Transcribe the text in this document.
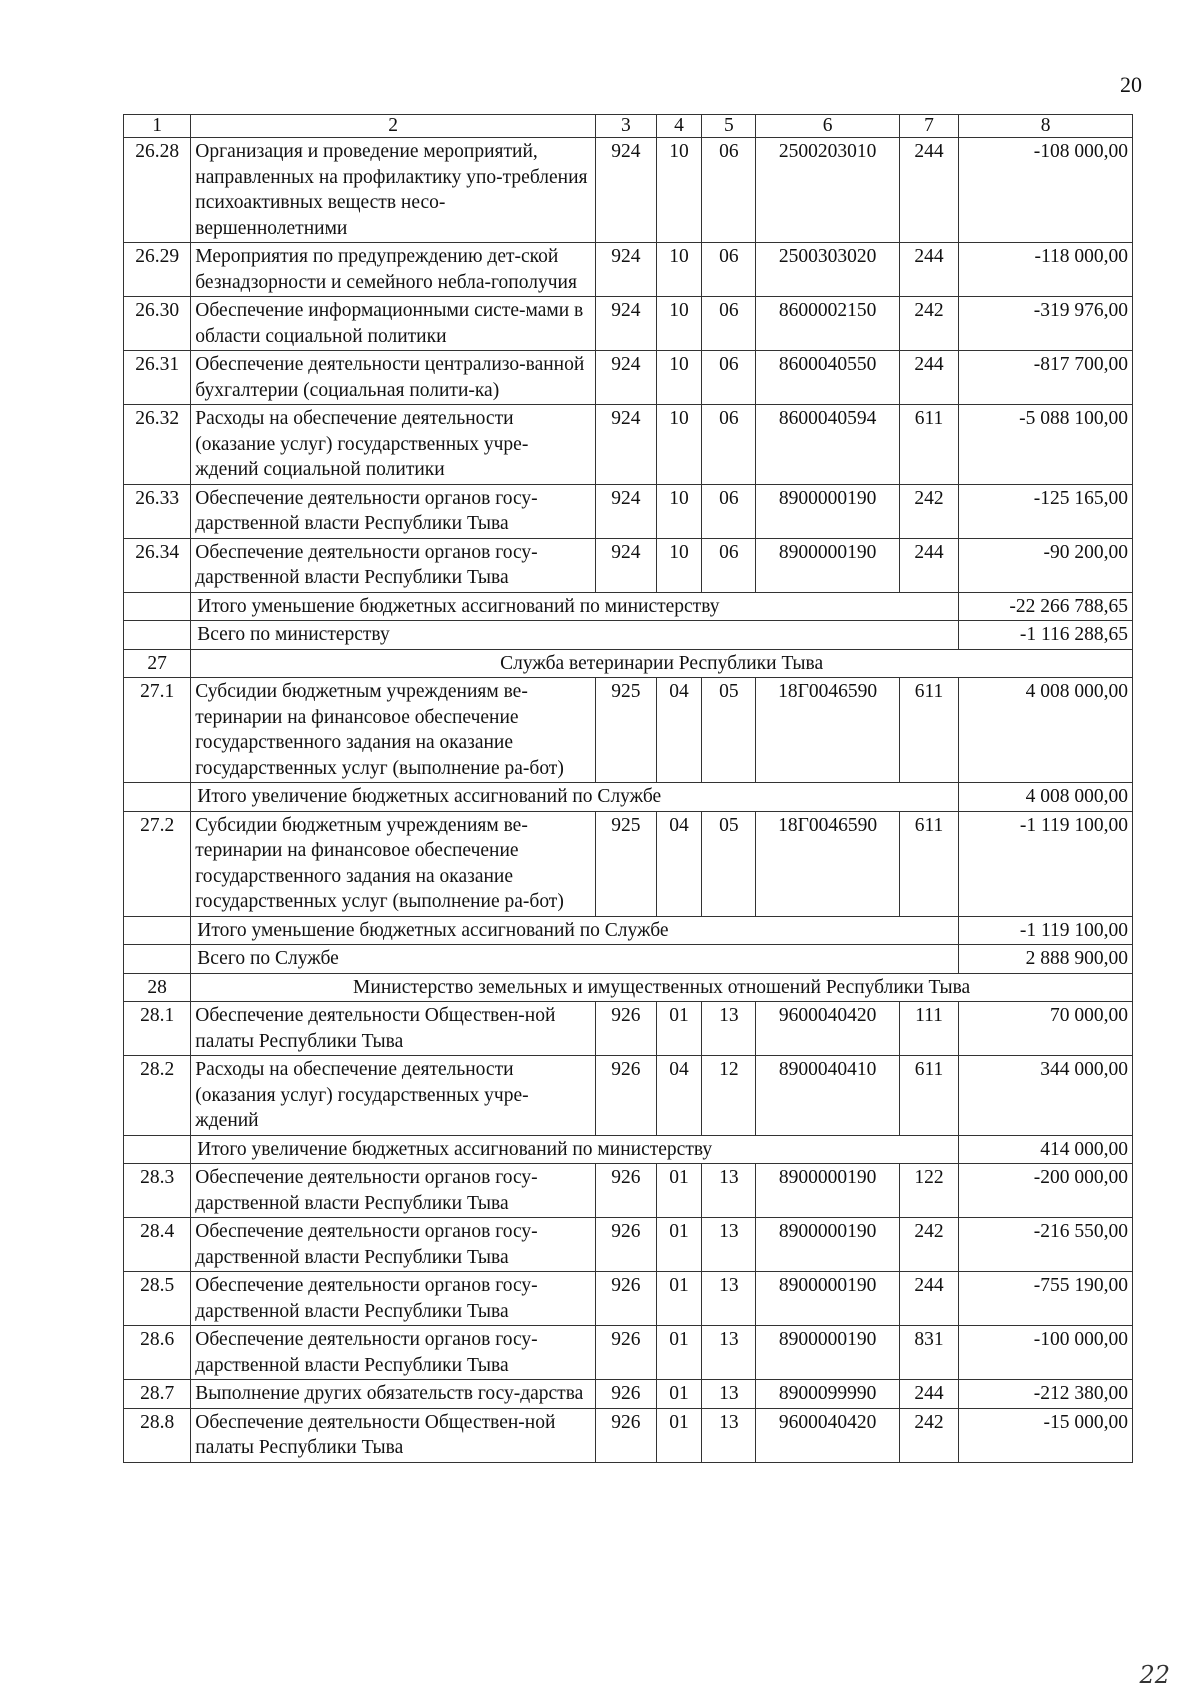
20
1	2	3	4	5	6	7	8
26.28	Организация и проведение мероприятий, направленных на профилактику упо-требления психоактивных веществ несо-вершеннолетними	924	10	06	2500203010	244	-108 000,00
26.29	Мероприятия по предупреждению дет-ской безнадзорности и семейного небла-гополучия	924	10	06	2500303020	244	-118 000,00
26.30	Обеспечение информационными систе-мами в области социальной политики	924	10	06	8600002150	242	-319 976,00
26.31	Обеспечение деятельности централизо-ванной бухгалтерии (социальная полити-ка)	924	10	06	8600040550	244	-817 700,00
26.32	Расходы на обеспечение деятельности (оказание услуг) государственных учре-ждений социальной политики	924	10	06	8600040594	611	-5 088 100,00
26.33	Обеспечение деятельности органов госу-дарственной власти Республики Тыва	924	10	06	8900000190	242	-125 165,00
26.34	Обеспечение деятельности органов госу-дарственной власти Республики Тыва	924	10	06	8900000190	244	-90 200,00
	Итого уменьшение бюджетных ассигнований по министерству						-22 266 788,65
	Всего по министерству						-1 116 288,65
27	Служба ветеринарии Республики Тыва						
27.1	Субсидии бюджетным учреждениям ве-теринарии на финансовое обеспечение государственного задания на оказание государственных услуг (выполнение ра-бот)	925	04	05	18Г0046590	611	4 008 000,00
	Итого увеличение бюджетных ассигнований по Службе						4 008 000,00
27.2	Субсидии бюджетным учреждениям ве-теринарии на финансовое обеспечение государственного задания на оказание государственных услуг (выполнение ра-бот)	925	04	05	18Г0046590	611	-1 119 100,00
	Итого уменьшение бюджетных ассигнований по Службе						-1 119 100,00
	Всего по Службе						2 888 900,00
28	Министерство земельных и имущественных отношений Республики Тыва						
28.1	Обеспечение деятельности Обществен-ной палаты Республики Тыва	926	01	13	9600040420	111	70 000,00
28.2	Расходы на обеспечение деятельности (оказания услуг) государственных учре-ждений	926	04	12	8900040410	611	344 000,00
	Итого увеличение бюджетных ассигнований по министерству						414 000,00
28.3	Обеспечение деятельности органов госу-дарственной власти Республики Тыва	926	01	13	8900000190	122	-200 000,00
28.4	Обеспечение деятельности органов госу-дарственной власти Республики Тыва	926	01	13	8900000190	242	-216 550,00
28.5	Обеспечение деятельности органов госу-дарственной власти Республики Тыва	926	01	13	8900000190	244	-755 190,00
28.6	Обеспечение деятельности органов госу-дарственной власти Республики Тыва	926	01	13	8900000190	831	-100 000,00
28.7	Выполнение других обязательств госу-дарства	926	01	13	8900099990	244	-212 380,00
28.8	Обеспечение деятельности Обществен-ной палаты Республики Тыва	926	01	13	9600040420	242	-15 000,00
22
